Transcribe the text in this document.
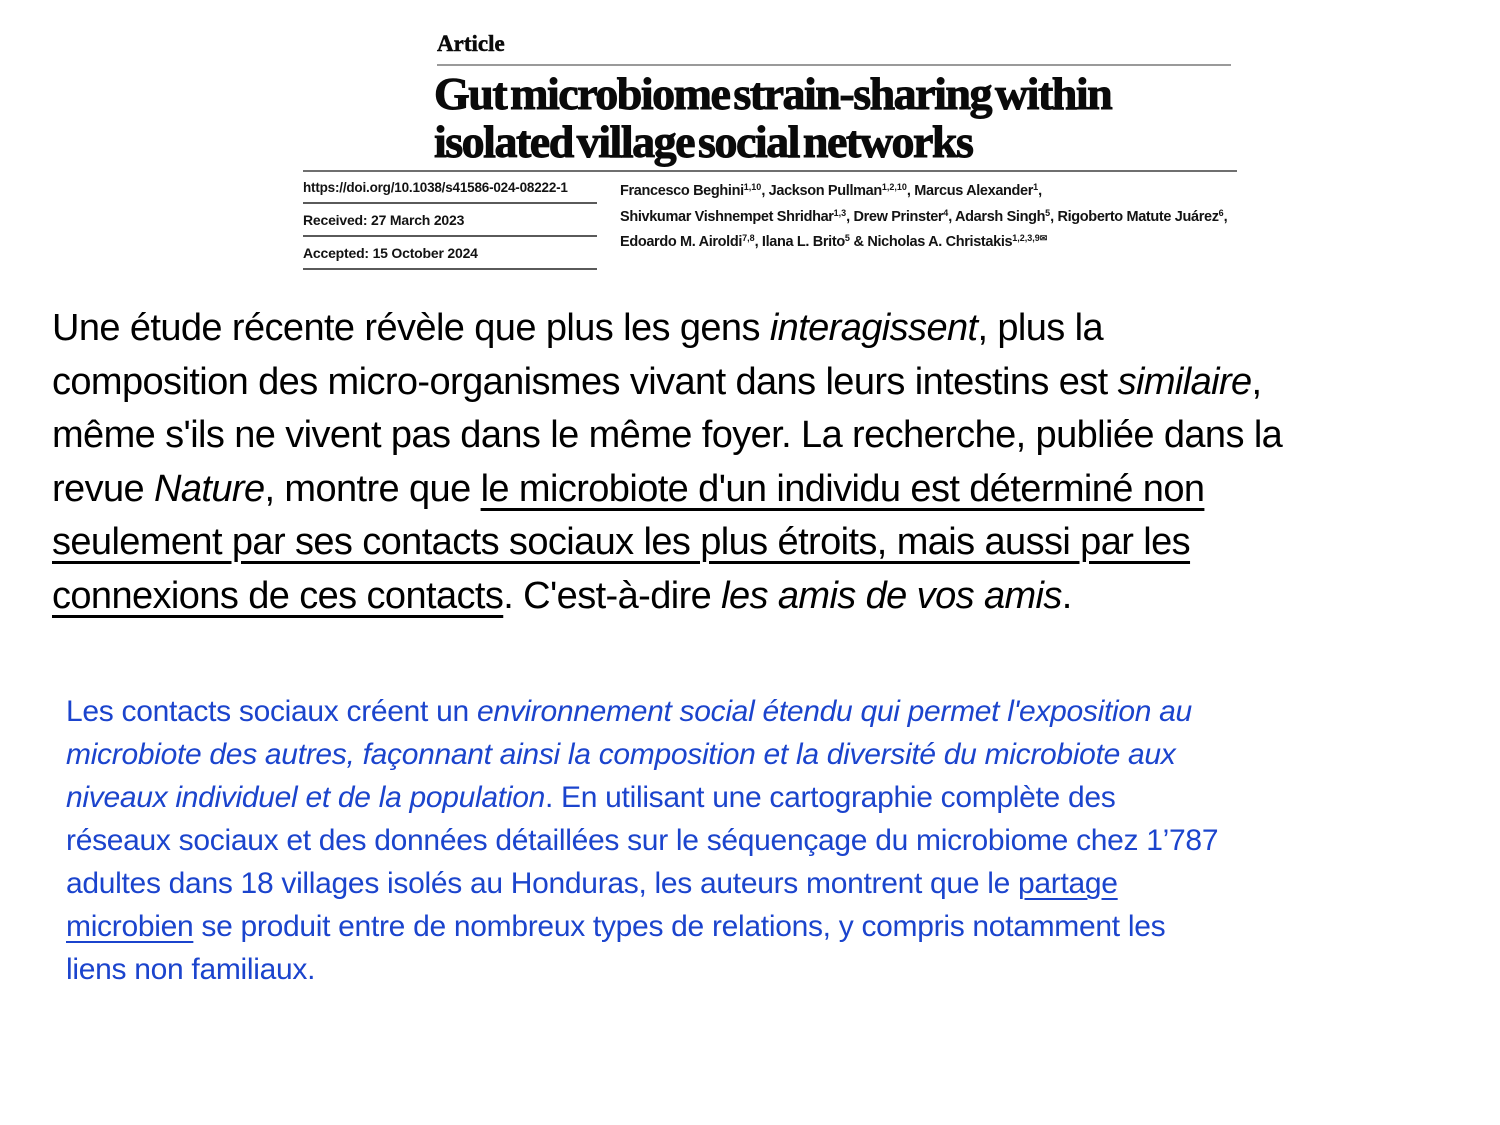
Article
Gut microbiome strain-sharing within
isolated village social networks
https://doi.org/10.1038/s41586-024-08222-1
Received: 27 March 2023
Accepted: 15 October 2024
Francesco Beghini$^{1,10}$, Jackson Pullman$^{1,2,10}$, Marcus Alexander$^1$,
Shivkumar Vishnempet Shridhar$^{1,3}$, Drew Prinster$^4$, Adarsh Singh$^5$, Rigoberto Matute Juárez$^6$,
Edoardo M. Airoldi$^{7,8}$, Ilana L. Brito$^5$ & Nicholas A. Christakis$^{1,2,3,9✉}$

Une étude récente révèle que plus les gens interagissent, plus la
composition des micro-organismes vivant dans leurs intestins est similaire,
même s'ils ne vivent pas dans le même foyer. La recherche, publiée dans la
revue Nature, montre que le microbiote d'un individu est déterminé non
seulement par ses contacts sociaux les plus étroits, mais aussi par les
connexions de ces contacts. C'est-à-dire les amis de vos amis.

Les contacts sociaux créent un environnement social étendu qui permet l'exposition au
microbiote des autres, façonnant ainsi la composition et la diversité du microbiote aux
niveaux individuel et de la population. En utilisant une cartographie complète des
réseaux sociaux et des données détaillées sur le séquençage du microbiome chez 1’787
adultes dans 18 villages isolés au Honduras, les auteurs montrent que le partage
microbien se produit entre de nombreux types de relations, y compris notamment les
liens non familiaux.
